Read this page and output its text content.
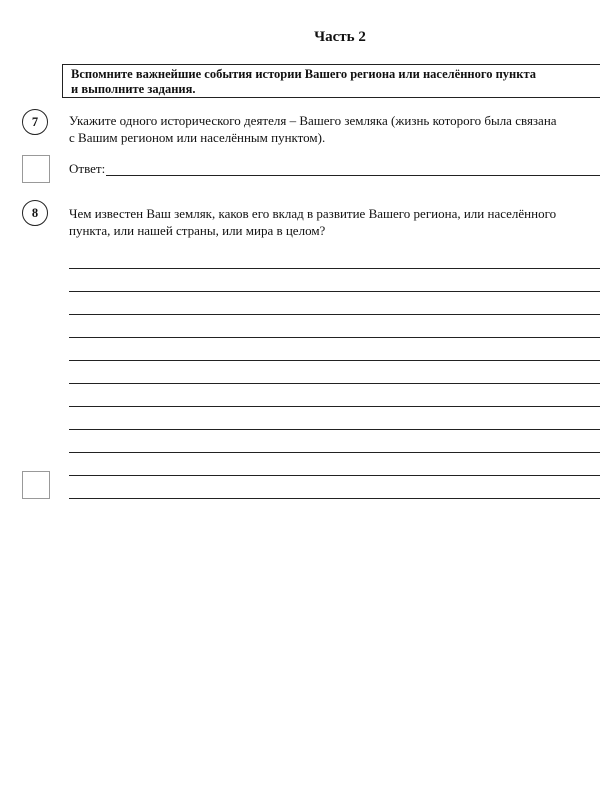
Часть 2
Вспомните важнейшие события истории Вашего региона или населённого пункта
и выполните задания.
7	Укажите одного исторического деятеля – Вашего земляка (жизнь которого была связана
с Вашим регионом или населённым пунктом).
Ответ:
8	Чем известен Ваш земляк, каков его вклад в развитие Вашего региона, или населённого
пункта, или нашей страны, или мира в целом?
